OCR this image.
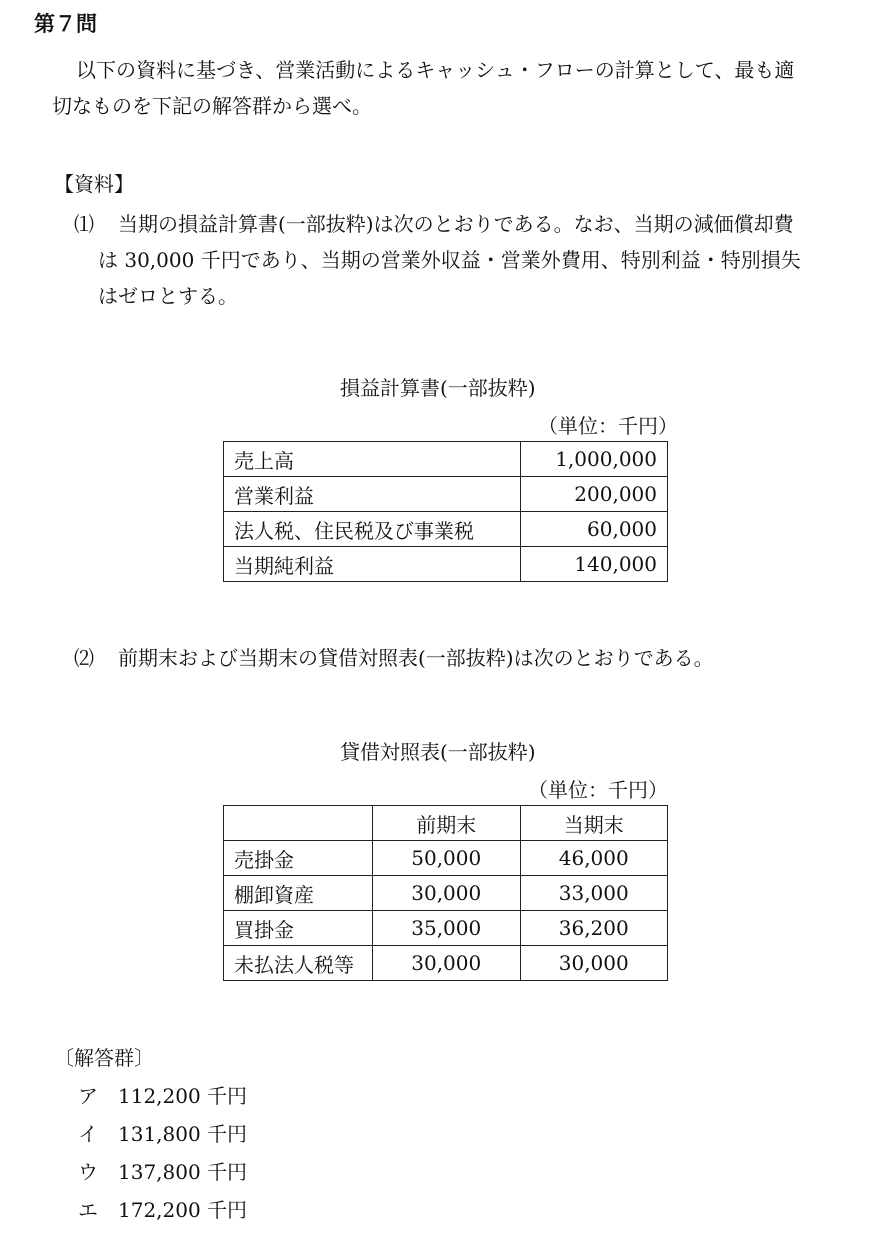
第７問
以下の資料に基づき、営業活動によるキャッシュ・フローの計算として、最も適
切なものを下記の解答群から選べ。
【資料】
⑴ 当期の損益計算書(一部抜粋)は次のとおりである。なお、当期の減価償却費
は 30,000 千円であり、当期の営業外収益・営業外費用、特別利益・特別損失
はゼロとする。
損益計算書(一部抜粋)
（単位：千円）
売上高	1,000,000
営業利益	200,000
法人税、住民税及び事業税	60,000
当期純利益	140,000
⑵ 前期末および当期末の貸借対照表(一部抜粋)は次のとおりである。
貸借対照表(一部抜粋)
（単位：千円）
	前期末	当期末
売掛金	50,000	46,000
棚卸資産	30,000	33,000
買掛金	35,000	36,200
未払法人税等	30,000	30,000
〔解答群〕
ア 112,200 千円
イ 131,800 千円
ウ 137,800 千円
エ 172,200 千円
